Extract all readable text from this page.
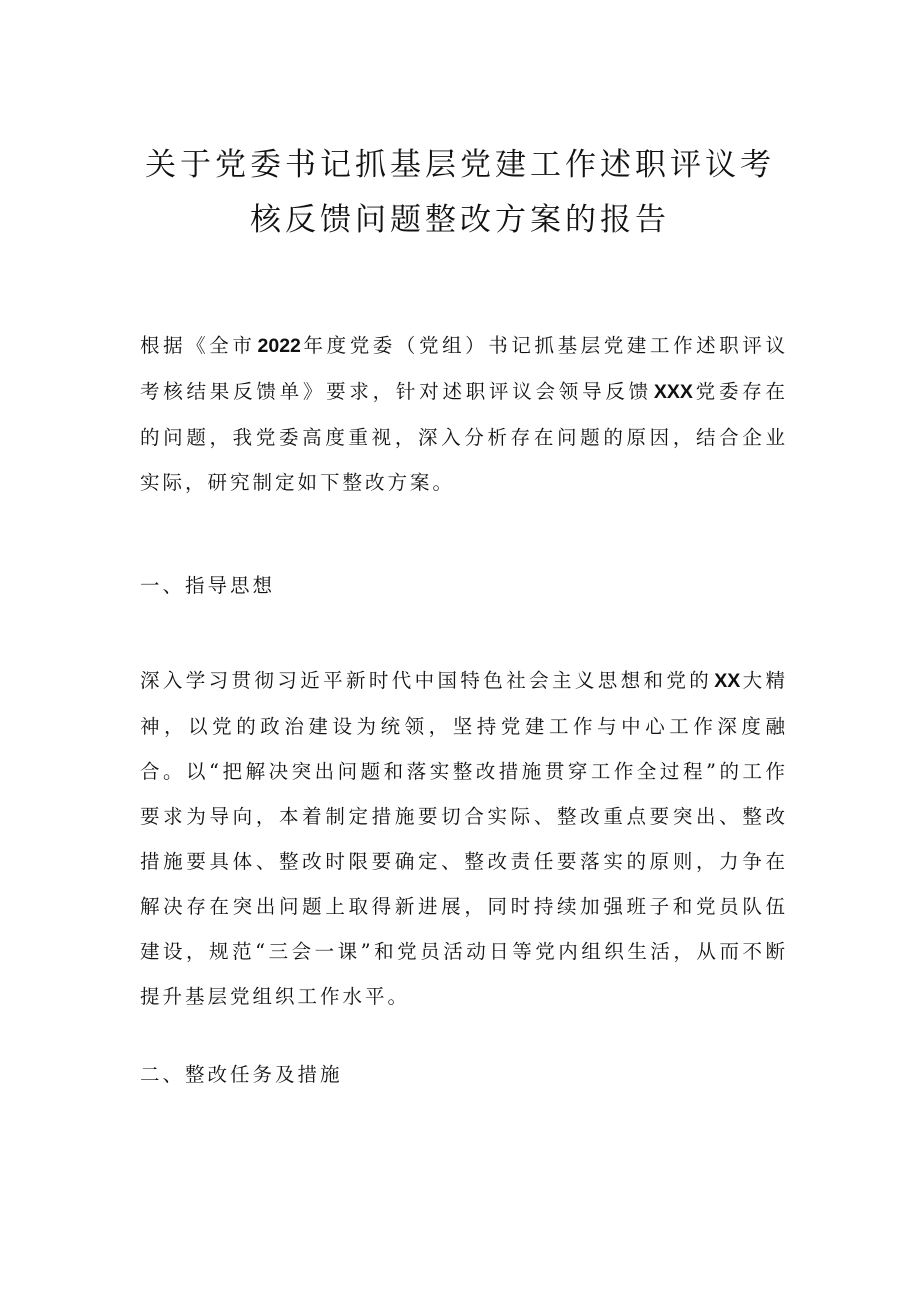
关于党委书记抓基层党建工作述职评议考
核反馈问题整改方案的报告

根据《全市 2022 年度党委（党组）书记抓基层党建工作述职评议考核结果反馈单》要求，针对述职评议会领导反馈 XXX 党委存在的问题，我党委高度重视，深入分析存在问题的原因，结合企业实际，研究制定如下整改方案。

一、指导思想

深入学习贯彻习近平新时代中国特色社会主义思想和党的 XX 大精神，以党的政治建设为统领，坚持党建工作与中心工作深度融合。以“把解决突出问题和落实整改措施贯穿工作全过程”的工作要求为导向，本着制定措施要切合实际、整改重点要突出、整改措施要具体、整改时限要确定、整改责任要落实的原则，力争在解决存在突出问题上取得新进展，同时持续加强班子和党员队伍建设，规范“三会一课”和党员活动日等党内组织生活，从而不断提升基层党组织工作水平。

二、整改任务及措施
